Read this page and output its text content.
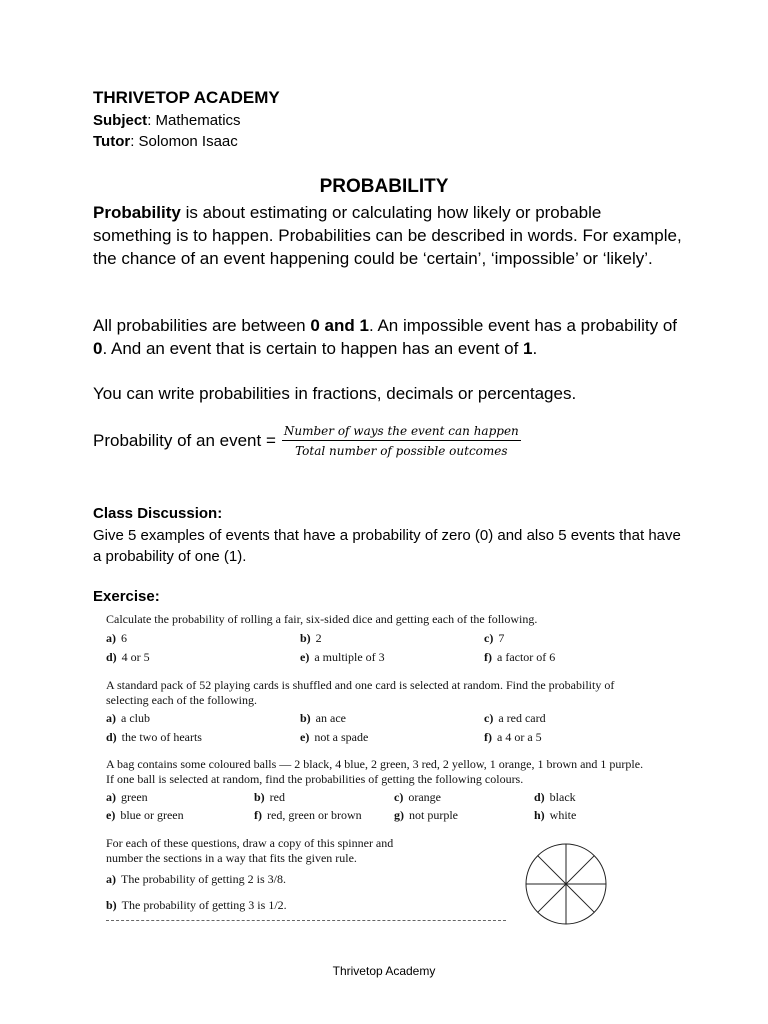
THRIVETOP ACADEMY
Subject: Mathematics
Tutor: Solomon Isaac
PROBABILITY
Probability is about estimating or calculating how likely or probable something is to happen. Probabilities can be described in words. For example, the chance of an event happening could be ‘certain’, ‘impossible’ or ‘likely’.
All probabilities are between 0 and 1. An impossible event has a probability of 0. And an event that is certain to happen has an event of 1.
You can write probabilities in fractions, decimals or percentages.
Probability of an event = $\frac{\text{Number of ways the event can happen}}{\text{Total number of possible outcomes}}$
Class Discussion:
Give 5 examples of events that have a probability of zero (0) and also 5 events that have a probability of one (1).
Exercise:
Calculate the probability of rolling a fair, six-sided dice and getting each of the following.
a) 6	b) 2	c) 7
d) 4 or 5	e) a multiple of 3	f) a factor of 6
A standard pack of 52 playing cards is shuffled and one card is selected at random. Find the probability of selecting each of the following.
a) a club	b) an ace	c) a red card
d) the two of hearts	e) not a spade	f) a 4 or a 5
A bag contains some coloured balls — 2 black, 4 blue, 2 green, 3 red, 2 yellow, 1 orange, 1 brown and 1 purple. If one ball is selected at random, find the probabilities of getting the following colours.
a) green	b) red	c) orange	d) black
e) blue or green	f) red, green or brown	g) not purple	h) white
For each of these questions, draw a copy of this spinner and number the sections in a way that fits the given rule.
a) The probability of getting 2 is 3/8.
b) The probability of getting 3 is 1/2.
Thrivetop Academy
